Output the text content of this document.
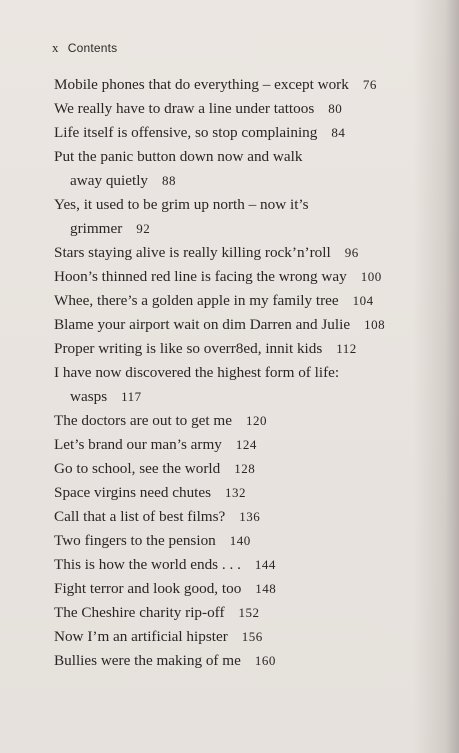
x Contents
Mobile phones that do everything – except work 76
We really have to draw a line under tattoos 80
Life itself is offensive, so stop complaining 84
Put the panic button down now and walk
away quietly 88
Yes, it used to be grim up north – now it’s
grimmer 92
Stars staying alive is really killing rock’n’roll 96
Hoon’s thinned red line is facing the wrong way 100
Whee, there’s a golden apple in my family tree 104
Blame your airport wait on dim Darren and Julie 108
Proper writing is like so overr8ed, innit kids 112
I have now discovered the highest form of life:
wasps 117
The doctors are out to get me 120
Let’s brand our man’s army 124
Go to school, see the world 128
Space virgins need chutes 132
Call that a list of best films? 136
Two fingers to the pension 140
This is how the world ends . . . 144
Fight terror and look good, too 148
The Cheshire charity rip-off 152
Now I’m an artificial hipster 156
Bullies were the making of me 160
